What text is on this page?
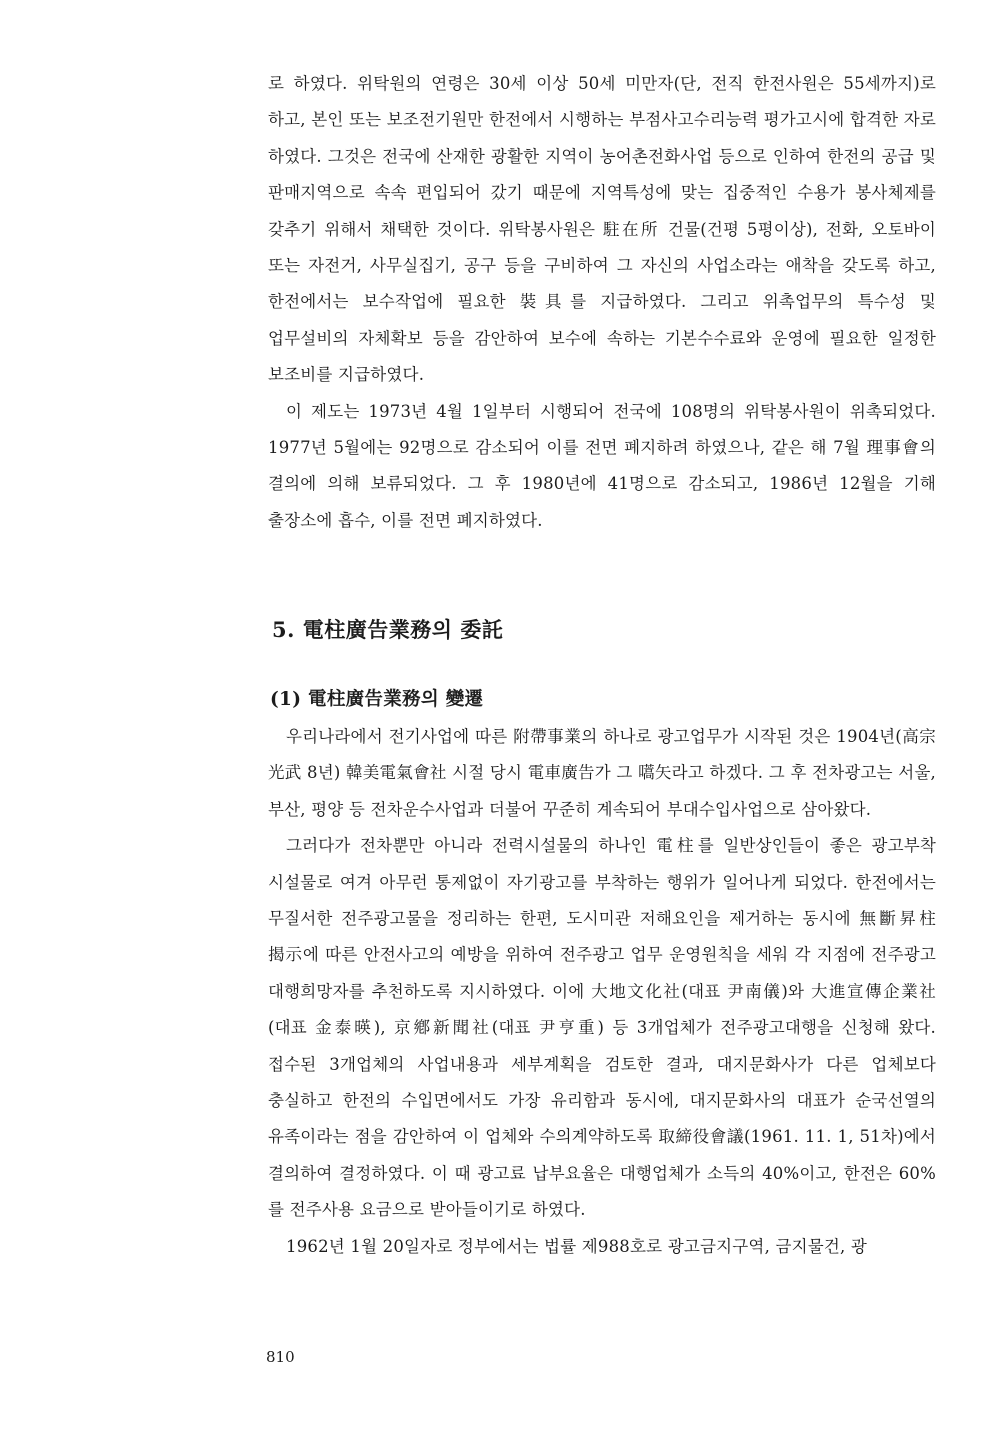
로 하였다. 위탁원의 연령은 30세 이상 50세 미만자(단, 전직 한전사원은 55세까지)로 하고, 본인 또는 보조전기원만 한전에서 시행하는 부점사고수리능력 평가고시에 합격한 자로 하였다. 그것은 전국에 산재한 광활한 지역이 농어촌전화사업 등으로 인하여 한전의 공급 및 판매지역으로 속속 편입되어 갔기 때문에 지역특성에 맞는 집중적인 수용가 봉사체제를 갖추기 위해서 채택한 것이다. 위탁봉사원은 駐在所 건물(건평 5평이상), 전화, 오토바이 또는 자전거, 사무실집기, 공구 등을 구비하여 그 자신의 사업소라는 애착을 갖도록 하고, 한전에서는 보수작업에 필요한 裝具를 지급하였다. 그리고 위촉업무의 특수성 및 업무설비의 자체확보 등을 감안하여 보수에 속하는 기본수수료와 운영에 필요한 일정한 보조비를 지급하였다.

이 제도는 1973년 4월 1일부터 시행되어 전국에 108명의 위탁봉사원이 위촉되었다. 1977년 5월에는 92명으로 감소되어 이를 전면 폐지하려 하였으나, 같은 해 7월 理事會의 결의에 의해 보류되었다. 그 후 1980년에 41명으로 감소되고, 1986년 12월을 기해 출장소에 흡수, 이를 전면 폐지하였다.

5. 電柱廣告業務의 委託
(1) 電柱廣告業務의 變遷

우리나라에서 전기사업에 따른 附帶事業의 하나로 광고업무가 시작된 것은 1904년(高宗 光武 8년) 韓美電氣會社 시절 당시 電車廣告가 그 嚆矢라고 하겠다. 그 후 전차광고는 서울, 부산, 평양 등 전차운수사업과 더불어 꾸준히 계속되어 부대수입사업으로 삼아왔다.

그러다가 전차뿐만 아니라 전력시설물의 하나인 電柱를 일반상인들이 좋은 광고부착 시설물로 여겨 아무런 통제없이 자기광고를 부착하는 행위가 일어나게 되었다. 한전에서는 무질서한 전주광고물을 정리하는 한편, 도시미관 저해요인을 제거하는 동시에 無斷昇柱 揭示에 따른 안전사고의 예방을 위하여 전주광고 업무 운영원칙을 세워 각 지점에 전주광고 대행희망자를 추천하도록 지시하였다. 이에 大地文化社(대표 尹南儀)와 大進宣傳企業社(대표 金泰暎), 京鄕新聞社(대표 尹亨重) 등 3개업체가 전주광고대행을 신청해 왔다. 접수된 3개업체의 사업내용과 세부계획을 검토한 결과, 대지문화사가 다른 업체보다 충실하고 한전의 수입면에서도 가장 유리함과 동시에, 대지문화사의 대표가 순국선열의 유족이라는 점을 감안하여 이 업체와 수의계약하도록 取締役會議(1961. 11. 1, 51차)에서 결의하여 결정하였다. 이 때 광고료 납부요율은 대행업체가 소득의 40%이고, 한전은 60%를 전주사용 요금으로 받아들이기로 하였다.

1962년 1월 20일자로 정부에서는 법률 제988호로 광고금지구역, 금지물건, 광

810
